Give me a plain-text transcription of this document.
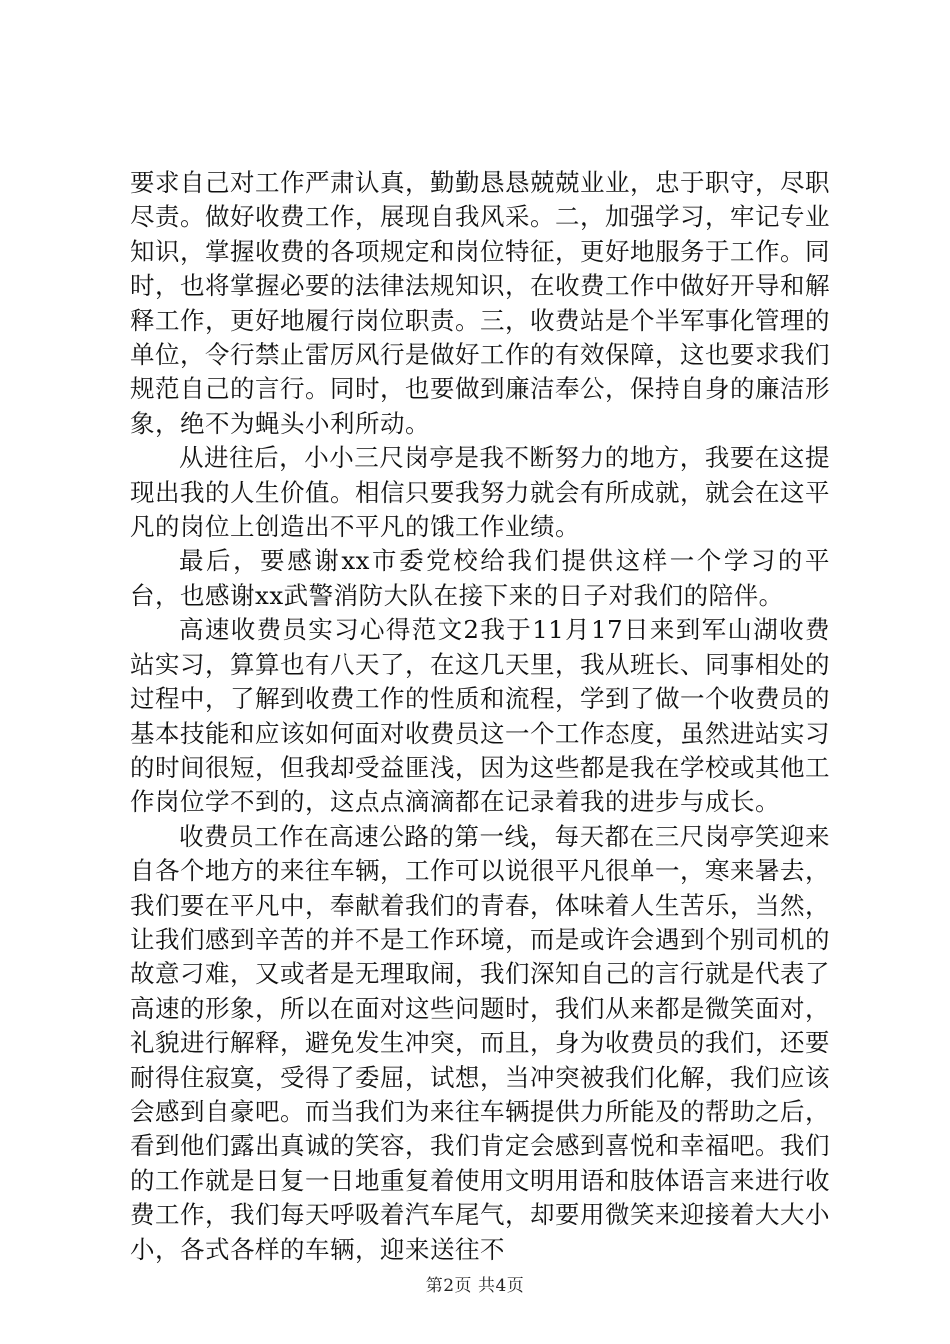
要求自己对工作严肃认真，勤勤恳恳兢兢业业，忠于职守，尽职尽责。做好收费工作，展现自我风采。二，加强学习，牢记专业知识，掌握收费的各项规定和岗位特征，更好地服务于工作。同时，也将掌握必要的法律法规知识，在收费工作中做好开导和解释工作，更好地履行岗位职责。三，收费站是个半军事化管理的单位，令行禁止雷厉风行是做好工作的有效保障，这也要求我们规范自己的言行。同时，也要做到廉洁奉公，保持自身的廉洁形象，绝不为蝇头小利所动。

从进往后，小小三尺岗亭是我不断努力的地方，我要在这提现出我的人生价值。相信只要我努力就会有所成就，就会在这平凡的岗位上创造出不平凡的饿工作业绩。

最后，要感谢xx市委党校给我们提供这样一个学习的平台，也感谢xx武警消防大队在接下来的日子对我们的陪伴。

高速收费员实习心得范文2我于11月17日来到军山湖收费站实习，算算也有八天了，在这几天里，我从班长、同事相处的过程中，了解到收费工作的性质和流程，学到了做一个收费员的基本技能和应该如何面对收费员这一个工作态度，虽然进站实习的时间很短，但我却受益匪浅，因为这些都是我在学校或其他工作岗位学不到的，这点点滴滴都在记录着我的进步与成长。

收费员工作在高速公路的第一线，每天都在三尺岗亭笑迎来自各个地方的来往车辆，工作可以说很平凡很单一，寒来暑去，我们要在平凡中，奉献着我们的青春，体味着人生苦乐，当然，让我们感到辛苦的并不是工作环境，而是或许会遇到个别司机的故意刁难，又或者是无理取闹，我们深知自己的言行就是代表了高速的形象，所以在面对这些问题时，我们从来都是微笑面对，礼貌进行解释，避免发生冲突，而且，身为收费员的我们，还要耐得住寂寞，受得了委屈，试想，当冲突被我们化解，我们应该会感到自豪吧。而当我们为来往车辆提供力所能及的帮助之后，看到他们露出真诚的笑容，我们肯定会感到喜悦和幸福吧。我们的工作就是日复一日地重复着使用文明用语和肢体语言来进行收费工作，我们每天呼吸着汽车尾气，却要用微笑来迎接着大大小小，各式各样的车辆，迎来送往不

第2页 共4页
